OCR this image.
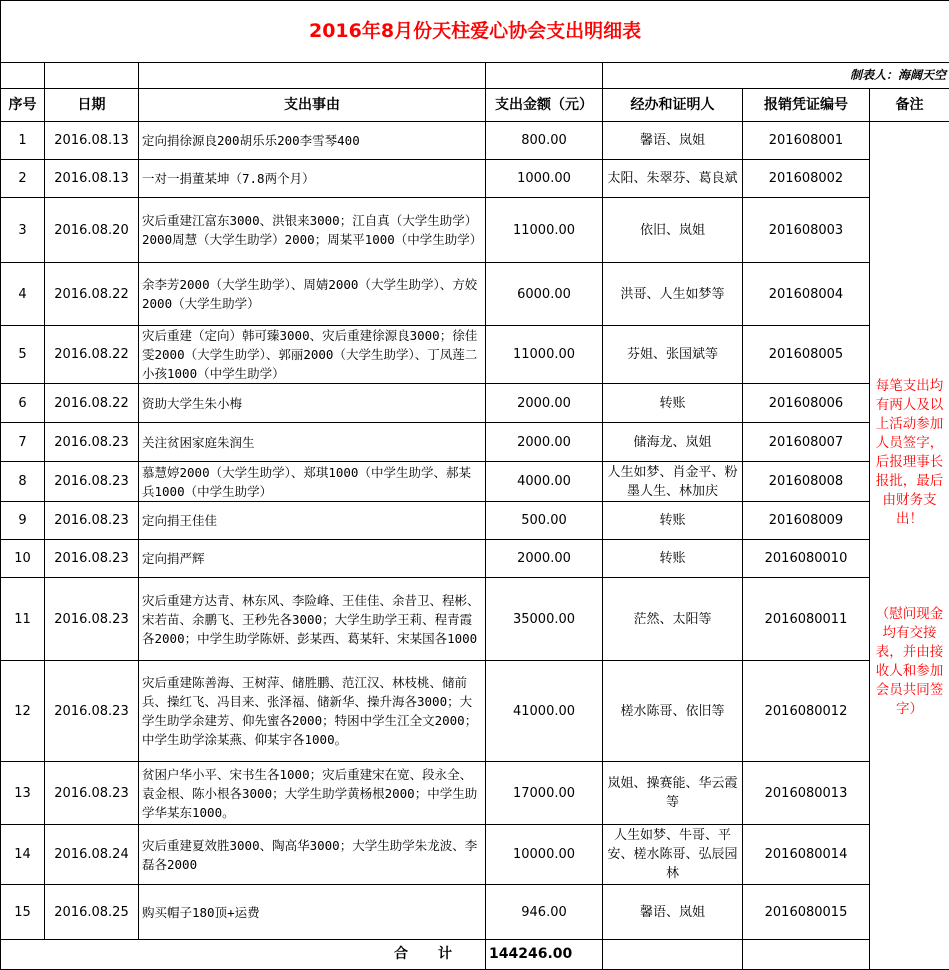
2016年8月份天柱爱心协会支出明细表						
				制表人：海阔天空		
序号	日期	支出事由	支出金额（元）	经办和证明人	报销凭证编号	备注
1	2016.08.13	定向捐徐源良200胡乐乐200李雪琴400	800.00	馨语、岚姐	201608001	每笔支出均有两人及以上活动参加人员签字，后报理事长报批，最后由财务支出！
（慰问现金均有交接表，并由接收人和参加会员共同签字）

2	2016.08.13	一对一捐董某坤（7.8两个月）	1000.00	太阳、朱翠芬、葛良斌	201608002	
3	2016.08.20	灾后重建江富东3000、洪银来3000；江自真（大学生助学）2000周慧（大学生助学）2000；周某平1000（中学生助学）	11000.00	依旧、岚姐	201608003	
4	2016.08.22	余李芳2000（大学生助学）、周婧2000（大学生助学）、方姣2000（大学生助学）	6000.00	洪哥、人生如梦等	201608004	
5	2016.08.22	灾后重建（定向）韩可臻3000、灾后重建徐源良3000；徐佳雯2000（大学生助学）、郭丽2000（大学生助学）、丁凤莲二小孩1000（中学生助学）	11000.00	芬姐、张国斌等	201608005	
6	2016.08.22	资助大学生朱小梅	2000.00	转账	201608006	
7	2016.08.23	关注贫困家庭朱润生	2000.00	储海龙、岚姐	201608007	
8	2016.08.23	慕慧婷2000（大学生助学）、郑琪1000（中学生助学、郝某兵1000（中学生助学）	4000.00	人生如梦、肖金平、粉墨人生、林加庆	201608008	
9	2016.08.23	定向捐王佳佳	500.00	转账	201608009	
10	2016.08.23	定向捐严辉	2000.00	转账	2016080010	
11	2016.08.23	灾后重建方达青、林东风、李险峰、王佳佳、余昔卫、程彬、宋若苗、余鹏飞、王秒先各3000；大学生助学王莉、程青霞各2000；中学生助学陈妍、彭某西、葛某轩、宋某国各1000	35000.00	茫然、太阳等	2016080011	
12	2016.08.23	灾后重建陈善海、王树萍、储胜鹏、范江汉、林枝桃、储前兵、操红飞、冯目来、张泽福、储新华、操升海各3000；大学生助学余建芳、仰先蜜各2000；特困中学生江全文2000；中学生助学涂某燕、仰某宇各1000。	41000.00	槎水陈哥、依旧等	2016080012	
13	2016.08.23	贫困户华小平、宋书生各1000；灾后重建宋在宽、段永全、袁金根、陈小根各3000；大学生助学黄杨根2000；中学生助学华某东1000。	17000.00	岚姐、操赛能、华云霞等	2016080013	
14	2016.08.24	灾后重建夏效胜3000、陶高华3000；大学生助学朱龙波、李磊各2000	10000.00	人生如梦、牛哥、平安、槎水陈哥、弘辰园林	2016080014	
15	2016.08.25	购买帽子180顶+运费	946.00	馨语、岚姐	2016080015	
合计			144246.00			
